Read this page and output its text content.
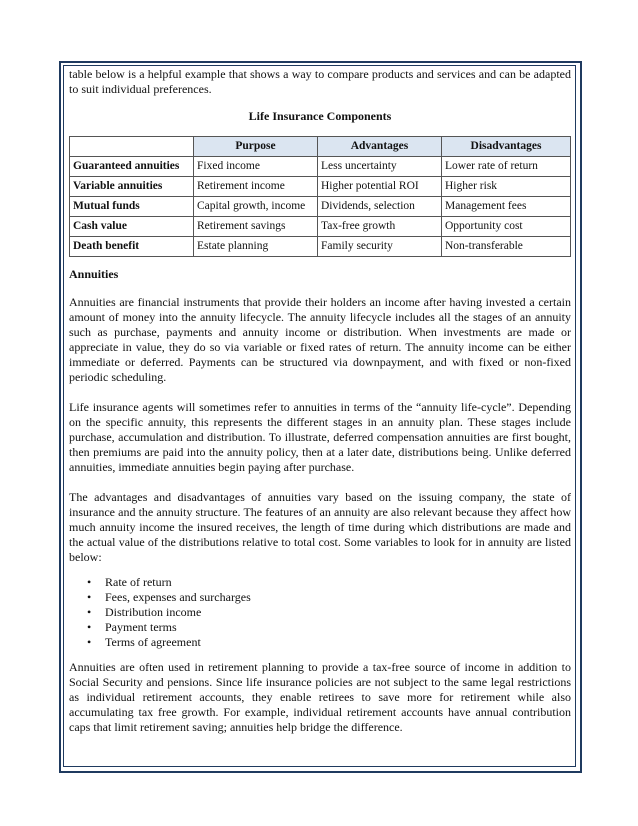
table below is a helpful example that shows a way to compare products and services and can be adapted to suit individual preferences.

Life Insurance Components
	Purpose	Advantages	Disadvantages
Guaranteed annuities	Fixed income	Less uncertainty	Lower rate of return
Variable annuities	Retirement income	Higher potential ROI	Higher risk
Mutual funds	Capital growth, income	Dividends, selection	Management fees
Cash value	Retirement savings	Tax-free growth	Opportunity cost
Death benefit	Estate planning	Family security	Non-transferable
Annuities

Annuities are financial instruments that provide their holders an income after having invested a certain amount of money into the annuity lifecycle. The annuity lifecycle includes all the stages of an annuity such as purchase, payments and annuity income or distribution. When investments are made or appreciate in value, they do so via variable or fixed rates of return. The annuity income can be either immediate or deferred. Payments can be structured via downpayment, and with fixed or non-fixed periodic scheduling.

Life insurance agents will sometimes refer to annuities in terms of the “annuity life-cycle”. Depending on the specific annuity, this represents the different stages in an annuity plan. These stages include purchase, accumulation and distribution. To illustrate, deferred compensation annuities are first bought, then premiums are paid into the annuity policy, then at a later date, distributions being. Unlike deferred annuities, immediate annuities begin paying after purchase.

The advantages and disadvantages of annuities vary based on the issuing company, the state of insurance and the annuity structure. The features of an annuity are also relevant because they affect how much annuity income the insured receives, the length of time during which distributions are made and the actual value of the distributions relative to total cost. Some variables to look for in annuity are listed below:

• Rate of return
• Fees, expenses and surcharges
• Distribution income
• Payment terms
• Terms of agreement

Annuities are often used in retirement planning to provide a tax-free source of income in addition to Social Security and pensions. Since life insurance policies are not subject to the same legal restrictions as individual retirement accounts, they enable retirees to save more for retirement while also accumulating tax free growth. For example, individual retirement accounts have annual contribution caps that limit retirement saving; annuities help bridge the difference.
